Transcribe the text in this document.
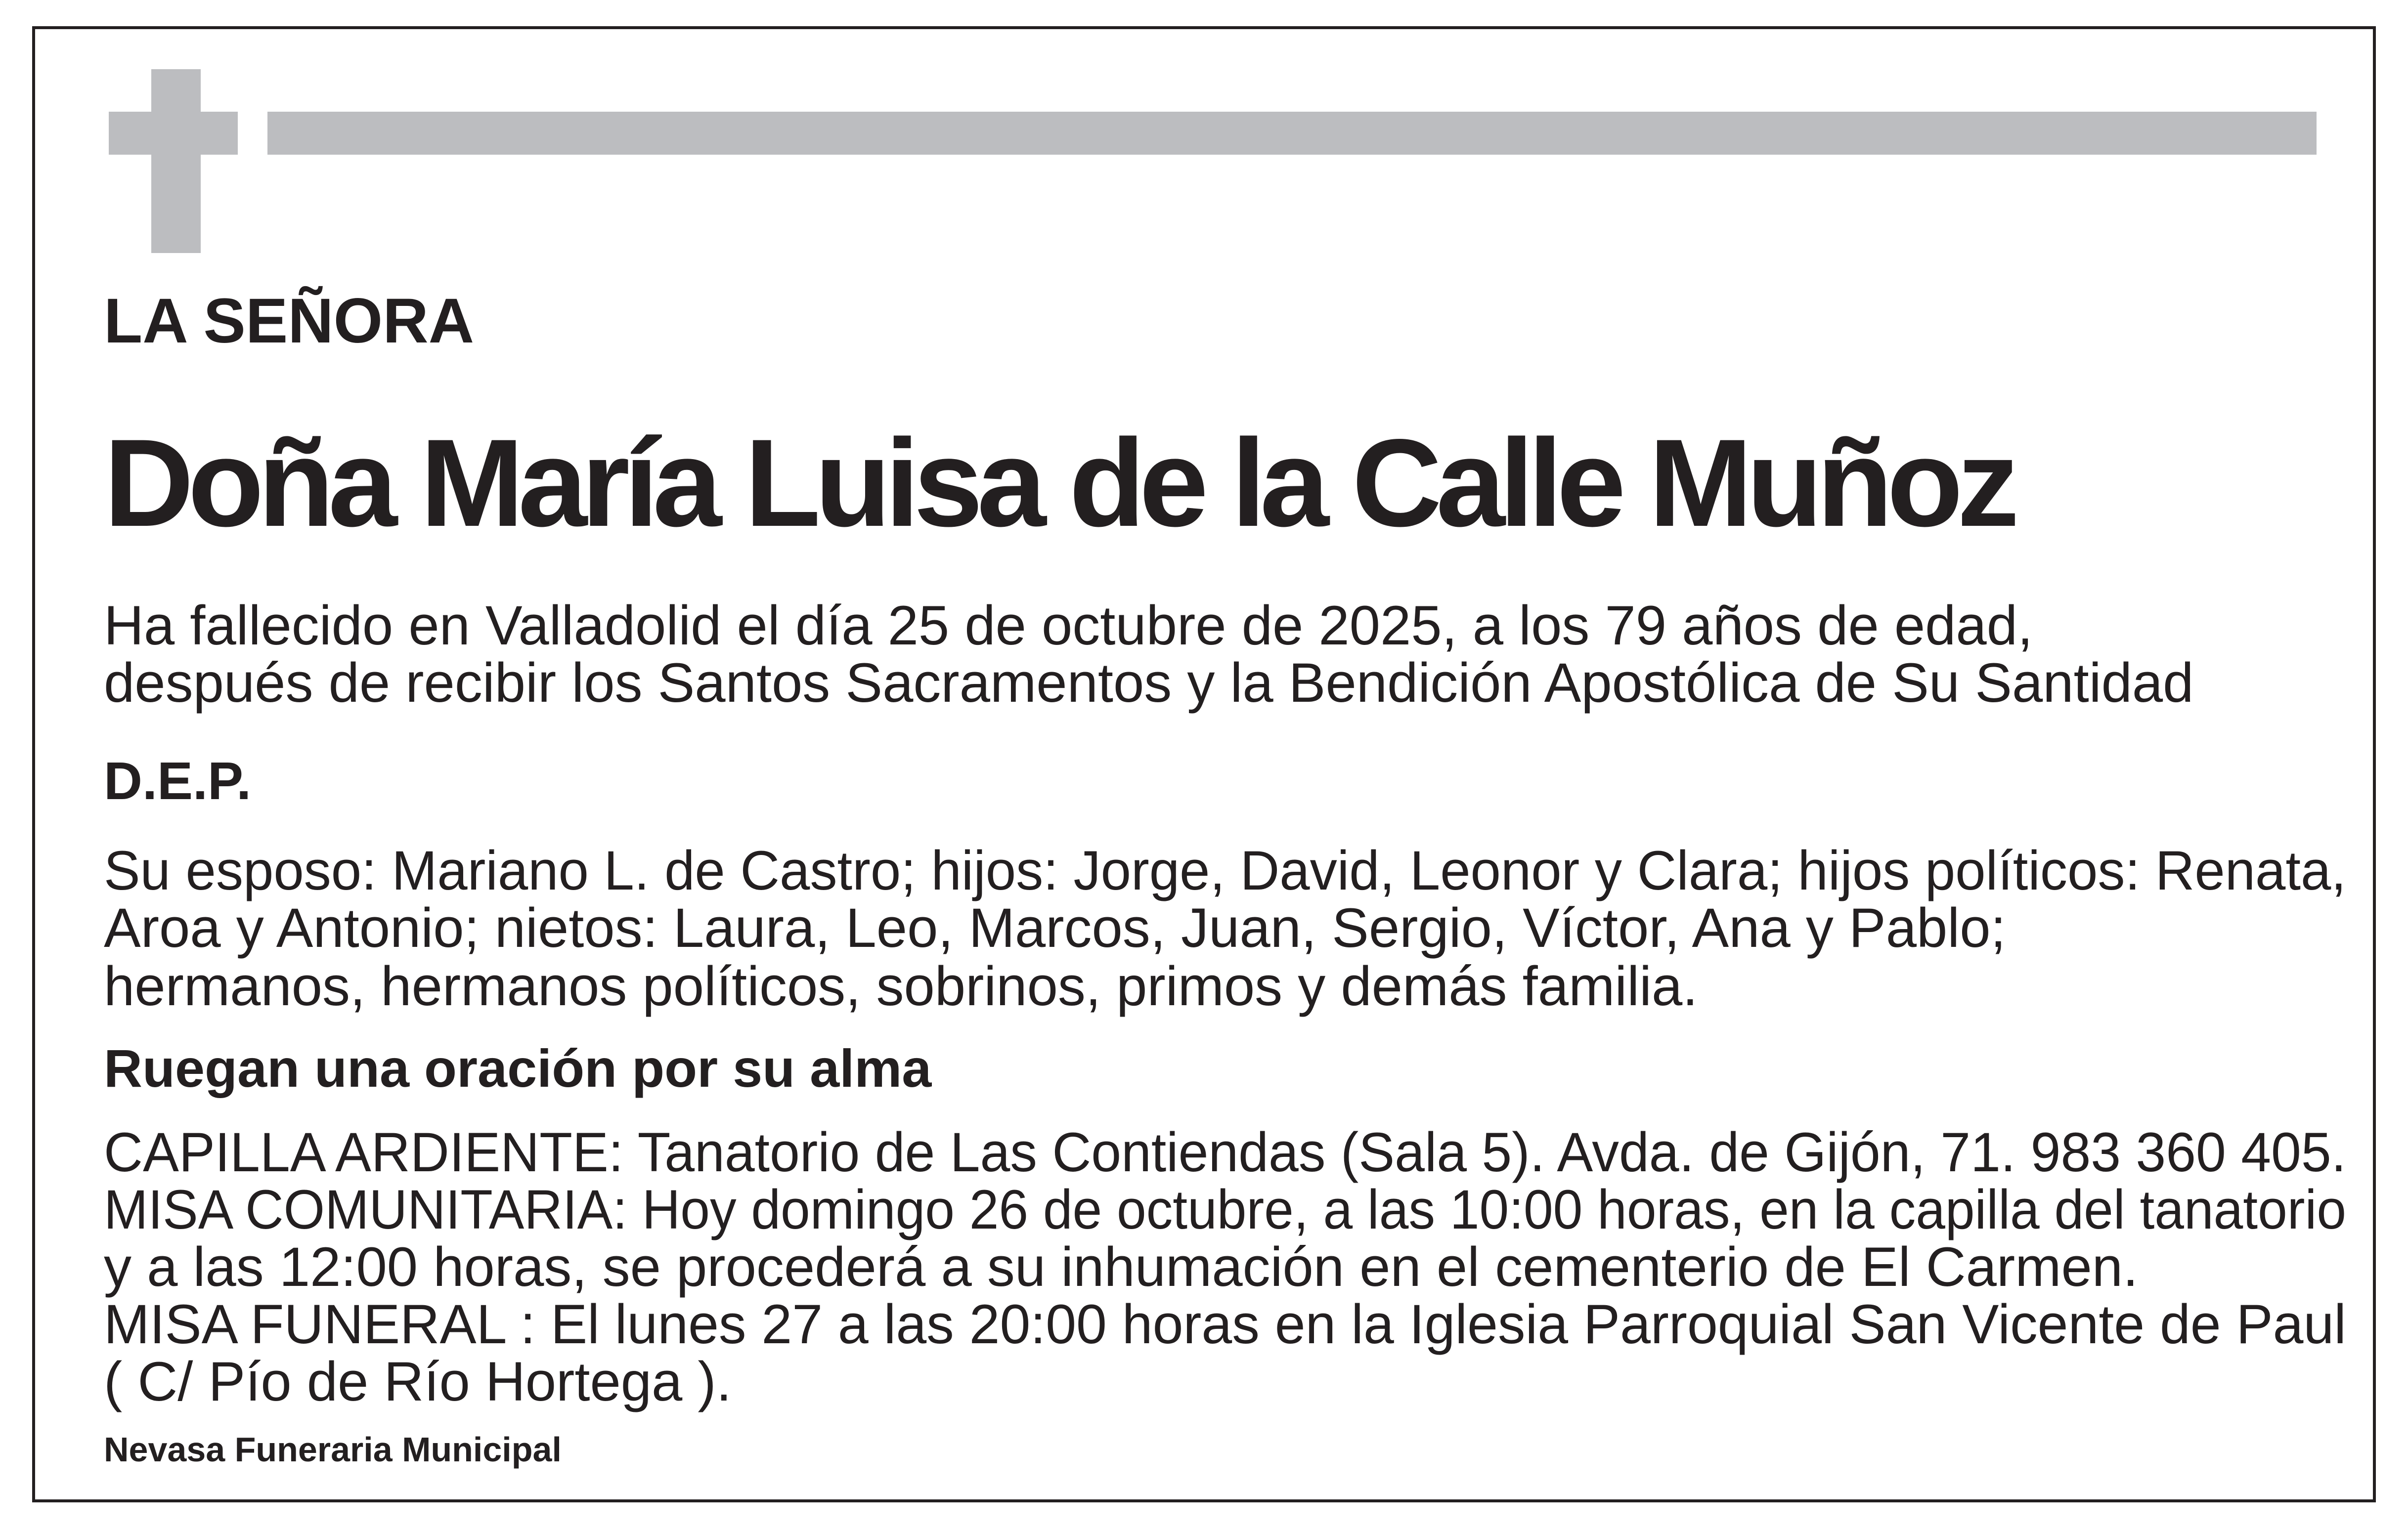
LA SEÑORA

Doña María Luisa de la Calle Muñoz

Ha fallecido en Valladolid el día 25 de octubre de 2025, a los 79 años de edad,

después de recibir los Santos Sacramentos y la Bendición Apostólica de Su Santidad

D.E.P.

Su esposo: Mariano L. de Castro; hijos: Jorge, David, Leonor y Clara; hijos políticos: Renata,

Aroa y Antonio; nietos: Laura, Leo, Marcos, Juan, Sergio, Víctor, Ana y Pablo;

hermanos, hermanos políticos, sobrinos, primos y demás familia.

Ruegan una oración por su alma

CAPILLA ARDIENTE: Tanatorio de Las Contiendas (Sala 5). Avda. de Gijón, 71. 983 360 405.

MISA COMUNITARIA: Hoy domingo 26 de octubre, a las 10:00 horas, en la capilla del tanatorio

y a las 12:00 horas, se procederá a su inhumación en el cementerio de El Carmen.

MISA FUNERAL : El lunes 27 a las 20:00 horas en la Iglesia Parroquial San Vicente de Paul

( C/ Pío de Río Hortega ).

Nevasa Funeraria Municipal
